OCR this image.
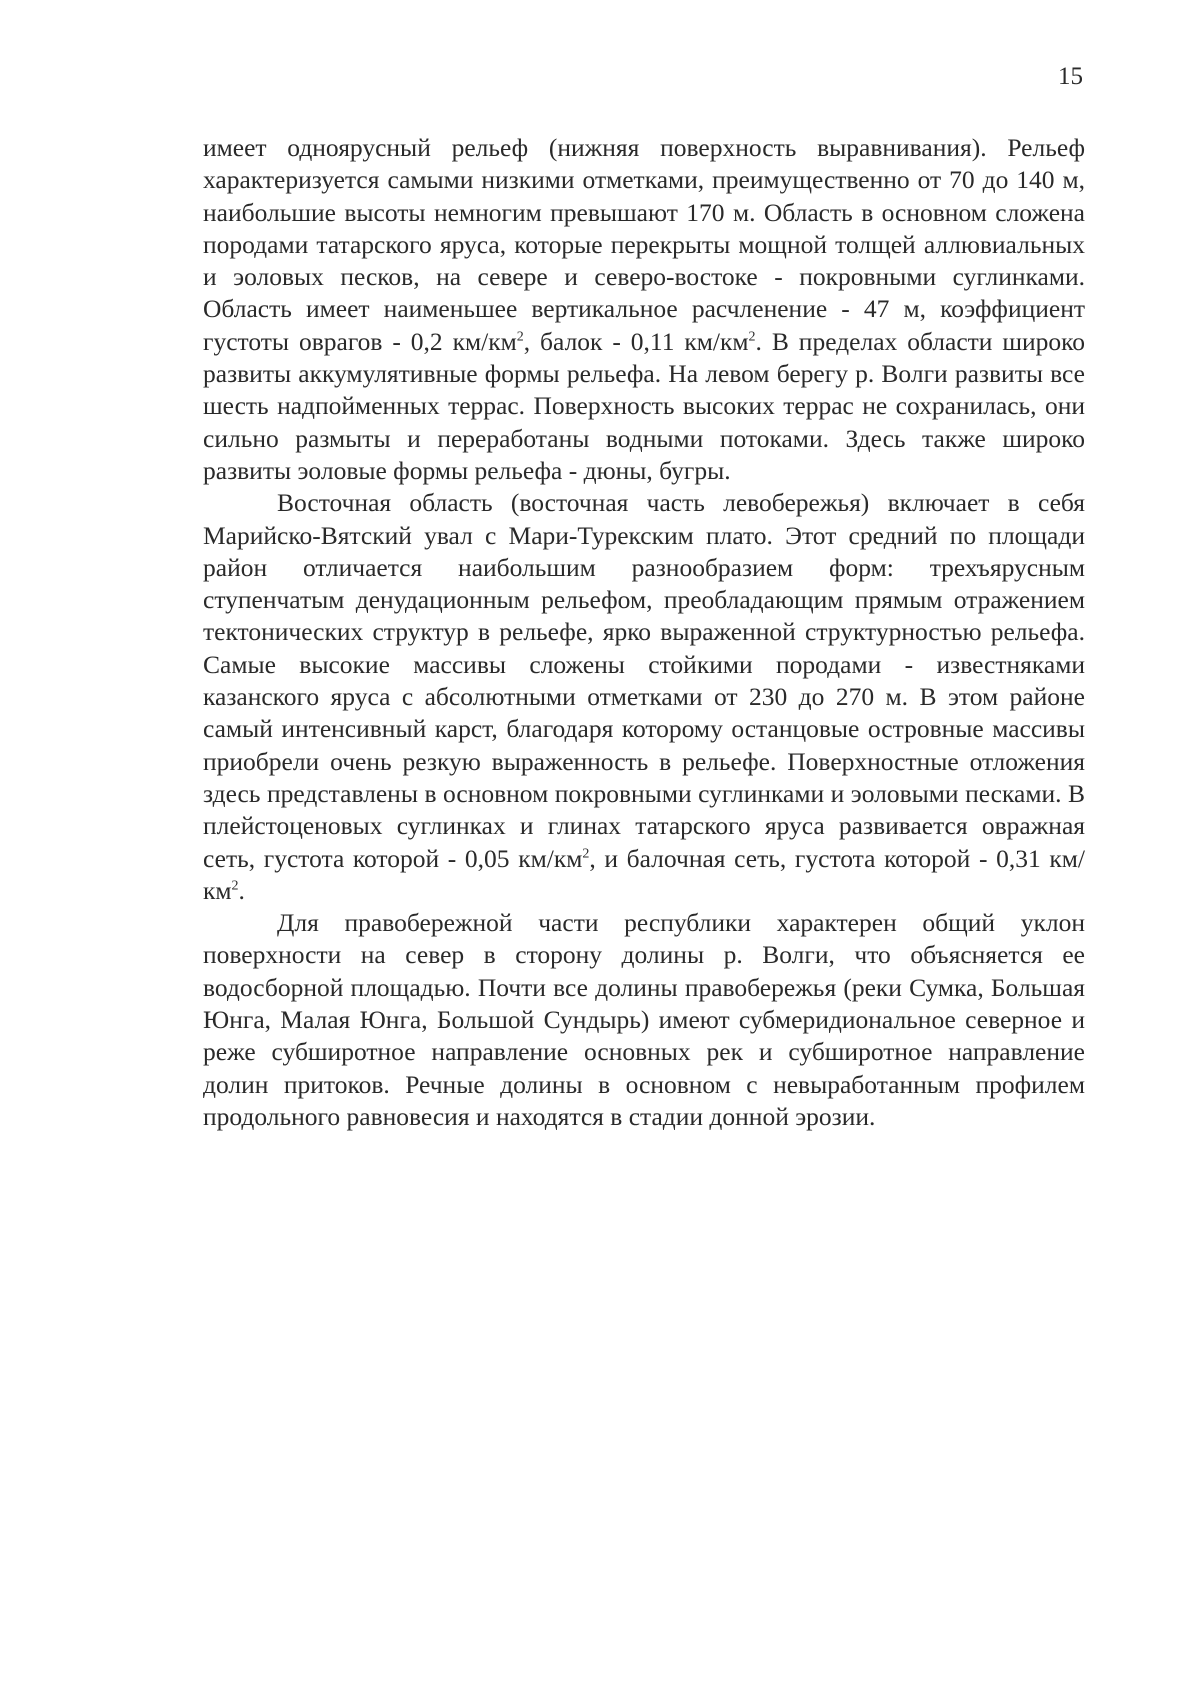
15

имеет одноярусный рельеф (нижняя поверхность выравнивания). Рельеф характеризуется самыми низкими отметками, преимущественно от 70 до 140 м, наибольшие высоты немногим превышают 170 м. Область в основном сложена породами татарского яруса, которые перекрыты мощной толщей аллювиальных и эоловых песков, на севере и северо-востоке - покровными суглинками. Область имеет наименьшее вертикальное расчленение - 47 м, коэффициент густоты оврагов - 0,2 $км/км^2$, балок - 0,11 $км/км^2$. В пределах области широко развиты аккумулятивные формы рельефа. На левом берегу р. Волги развиты все шесть надпойменных террас. Поверхность высоких террас не сохранилась, они сильно размыты и переработаны водными потоками. Здесь также широко развиты эоловые формы рельефа - дюны, бугры.

Восточная область (восточная часть левобережья) включает в себя Марийско-Вятский увал с Мари-Турекским плато. Этот средний по площади район отличается наибольшим разнообразием форм: трехъярусным ступенчатым денудационным рельефом, преобладающим прямым отражением тектонических структур в рельефе, ярко выраженной структурностью рельефа. Самые высокие массивы сложены стойкими породами - известняками казанского яруса с абсолютными отметками от 230 до 270 м. В этом районе самый интенсивный карст, благодаря которому останцовые островные массивы приобрели очень резкую выраженность в рельефе. Поверхностные отложения здесь представлены в основном покровными суглинками и эоловыми песками. В плейстоценовых суглинках и глинах татарского яруса развивается овражная сеть, густота которой - 0,05 $км/км^2$, и балочная сеть, густота которой - 0,31 $км/км^2$.

Для правобережной части республики характерен общий уклон поверхности на север в сторону долины р. Волги, что объясняется ее водосборной площадью. Почти все долины правобережья (реки Сумка, Большая Юнга, Малая Юнга, Большой Сундырь) имеют субмеридиональное северное и реже субширотное направление основных рек и субширотное направление долин притоков. Речные долины в основном с невыработанным профилем продольного равновесия и находятся в стадии донной эрозии.
